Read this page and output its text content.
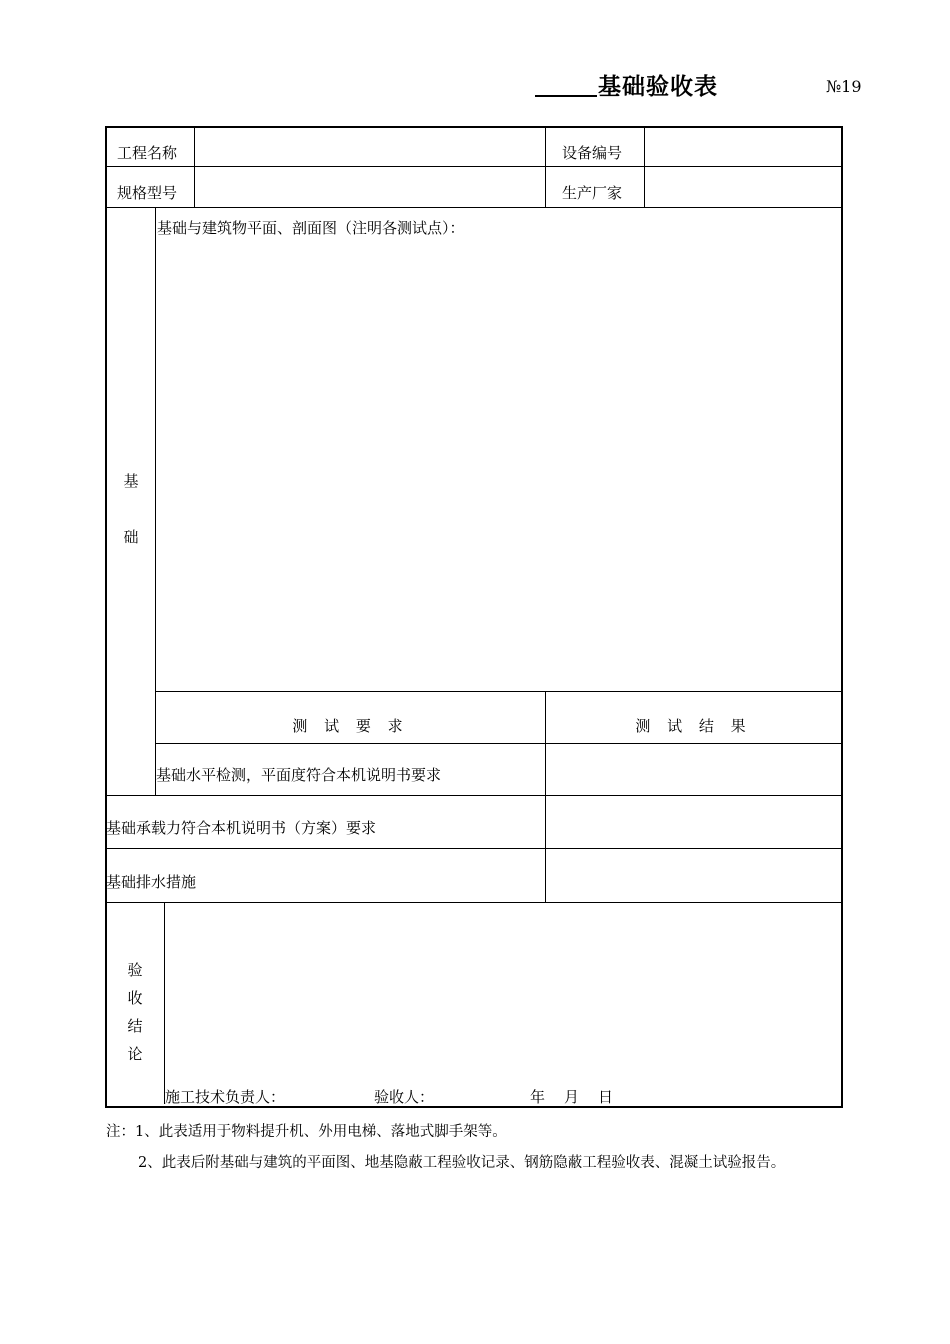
基础验收表	№19
工程名称	设备编号
规格型号	生产厂家
基
础
基础与建筑物平面、剖面图（注明各测试点）：
测 试 要 求	测 试 结 果
基础水平检测，平面度符合本机说明书要求
基础承载力符合本机说明书（方案）要求
基础排水措施
验
收
结
论
施工技术负责人：	验收人：	年 月 日
注：1、此表适用于物料提升机、外用电梯、落地式脚手架等。
2、此表后附基础与建筑的平面图、地基隐蔽工程验收记录、钢筋隐蔽工程验收表、混凝土试验报告。
